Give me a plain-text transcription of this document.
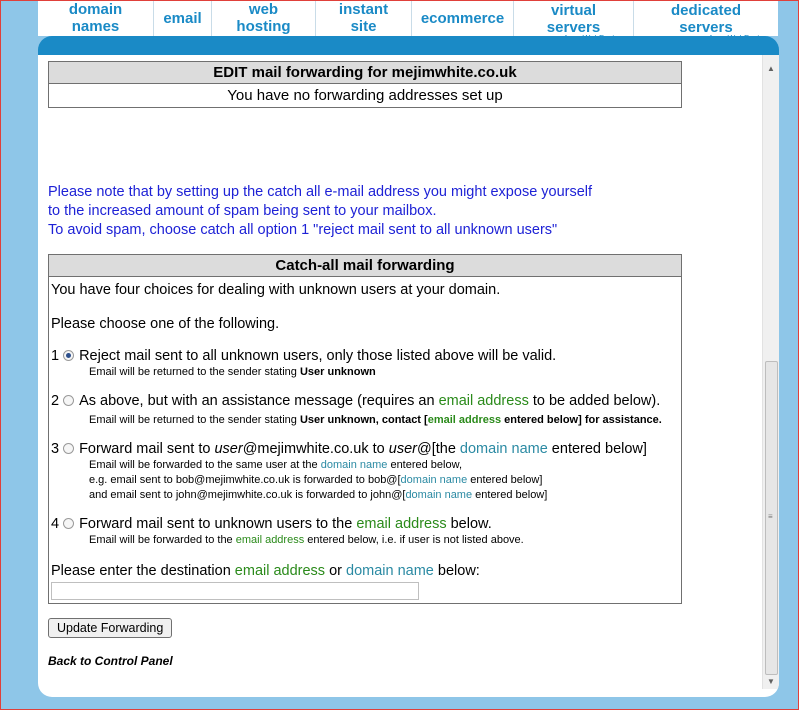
domain names	email	web hosting
instant site	ecommerce	virtual servers
dedicated servers
▲
≡
▼
EDIT mail forwarding for mejimwhite.co.uk
You have no forwarding addresses set up
Please note that by setting up the catch all e-mail address you might expose yourself
to the increased amount of spam being sent to your mailbox.
To avoid spam, choose catch all option 1 "reject mail sent to all unknown users"
Catch-all mail forwarding

You have four choices for dealing with unknown users at your domain.
Please choose one of the following.
1 Reject mail sent to all unknown users, only those listed above will be valid.
Email will be returned to the sender stating User unknown
2 As above, but with an assistance message (requires an email address to be added below).
Email will be returned to the sender stating User unknown, contact [email address entered below] for assistance.
3 Forward mail sent to user@mejimwhite.co.uk to user@[the domain name entered below]
Email will be forwarded to the same user at the domain name entered below,
e.g. email sent to bob@mejimwhite.co.uk is forwarded to bob@[domain name entered below]
and email sent to john@mejimwhite.co.uk is forwarded to john@[domain name entered below]
4 Forward mail sent to unknown users to the email address below.
Email will be forwarded to the email address entered below, i.e. if user is not listed above.
Please enter the destination email address or domain name below:
Update Forwarding
Back to Control Panel
